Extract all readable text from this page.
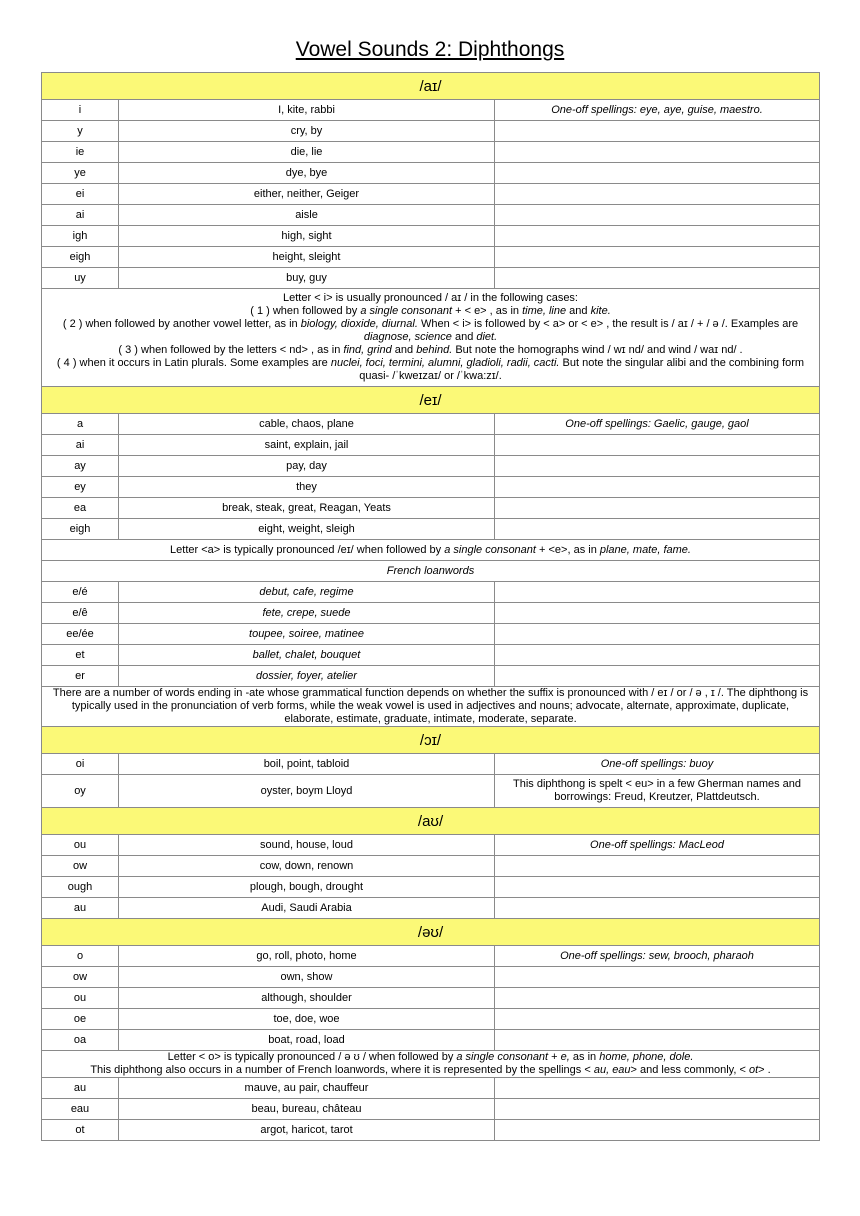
Vowel Sounds 2: Diphthongs
/aɪ/		
i	I, kite, rabbi	One-off spellings: eye, aye, guise, maestro.
y	cry, by	
ie	die, lie	
ye	dye, bye	
ei	either, neither, Geiger	
ai	aisle	
igh	high, sight	
eigh	height, sleight	
uy	buy, guy	

Letter < i> is usually pronounced / aɪ / in the following cases:

( 1 ) when followed by a single consonant + < e> , as in time, line and kite.

( 2 ) when followed by another vowel letter, as in biology, dioxide, diurnal. When < i> is followed by < a> or < e> , the result is / aɪ / + / ə /. Examples are diagnose, science and diet.

( 3 ) when followed by the letters < nd> , as in find, grind and behind. But note the homographs wind / wɪ nd/ and wind / waɪ nd/ .

( 4 ) when it occurs in Latin plurals. Some examples are nuclei, foci, termini, alumni, gladioli, radii, cacti. But note the singular alibi and the combining form quasi- /ˈkweɪzaɪ/ or /ˈkwa:zɪ/.		

/eɪ/		
a	cable, chaos, plane	One-off spellings: Gaelic, gauge, gaol
ai	saint, explain, jail	
ay	pay, day	
ey	they	
ea	break, steak, great, Reagan, Yeats	
eigh	eight, weight, sleigh	
Letter <a> is typically pronounced /eɪ/ when followed by a single consonant + <e>, as in plane, mate, fame.		
French loanwords		
e/é	debut, cafe, regime	
e/ê	fete, crepe, suede	
ee/ée	toupee, soiree, matinee	
et	ballet, chalet, bouquet	
er	dossier, foyer, atelier	
There are a number of words ending in -ate whose grammatical function depends on whether the suffix is pronounced with / eɪ / or / ə , ɪ /. The diphthong is typically used in the pronunciation of verb forms, while the weak vowel is used in adjectives and nouns; advocate, alternate, approximate, duplicate, elaborate, estimate, graduate, intimate, moderate, separate.		
/ɔɪ/		
oi	boil, point, tabloid	One-off spellings: buoy
oy	oyster, boym Lloyd	This diphthong is spelt < eu> in a few Gherman names and borrowings: Freud, Kreutzer, Plattdeutsch.
/aʊ/		
ou	sound, house, loud	One-off spellings: MacLeod
ow	cow, down, renown	
ough	plough, bough, drought	
au	Audi, Saudi Arabia	
/əʊ/		
o	go, roll, photo, home	One-off spellings: sew, brooch, pharaoh
ow	own, show	
ou	although, shoulder	
oe	toe, doe, woe	
oa	boat, road, load	

Letter < o> is typically pronounced / ə ʊ / when followed by a single consonant + e, as in home, phone, dole.

This diphthong also occurs in a number of French loanwords, where it is represented by the spellings < au, eau> and less commonly, < ot> .		

au	mauve, au pair, chauffeur	
eau	beau, bureau, château	
ot	argot, haricot, tarot	
